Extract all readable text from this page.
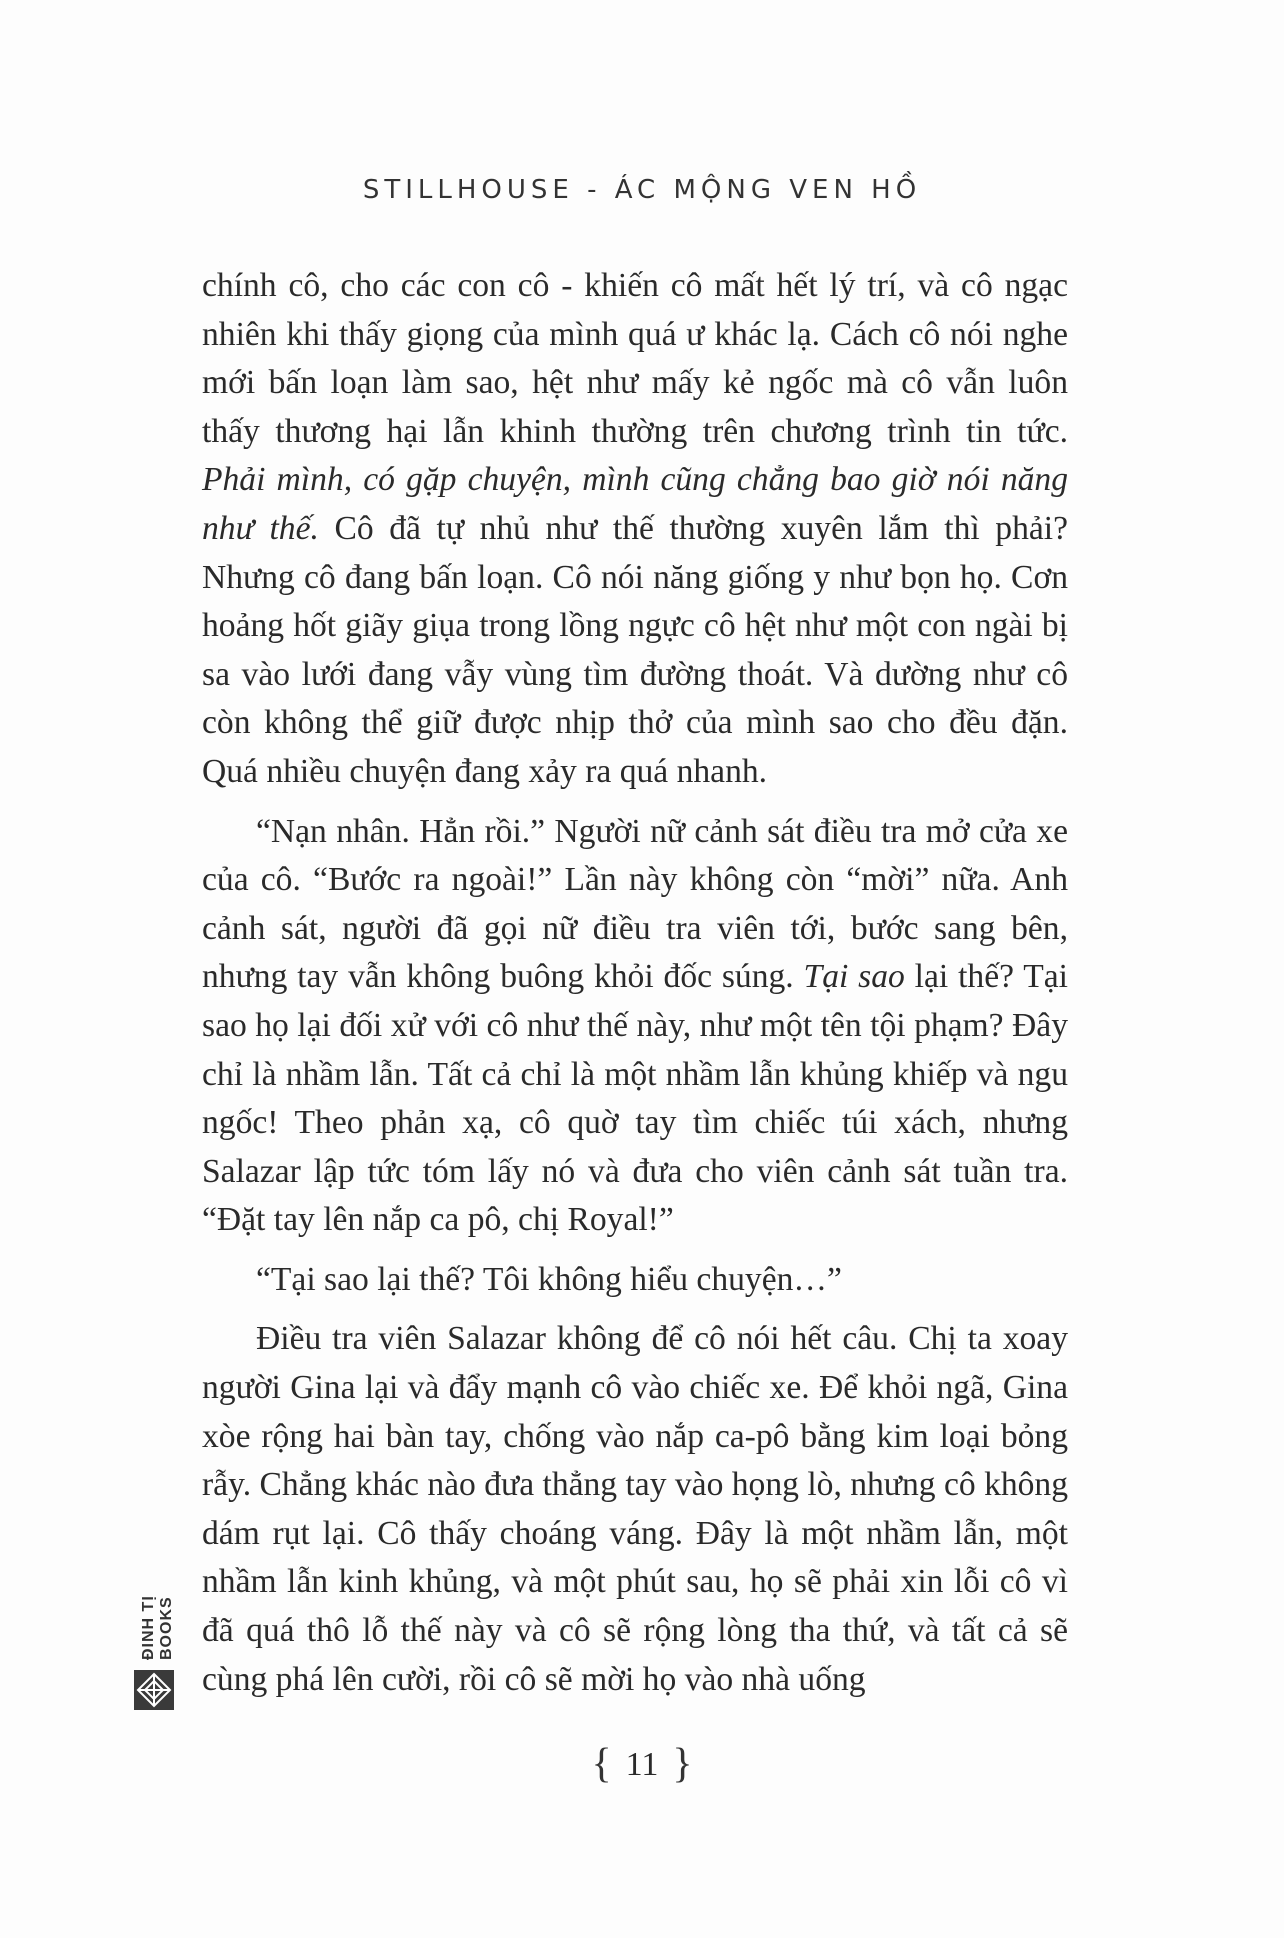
STILLHOUSE - ÁC MỘNG VEN HỒ

chính cô, cho các con cô - khiến cô mất hết lý trí, và cô ngạc nhiên khi thấy giọng của mình quá ư khác lạ. Cách cô nói nghe mới bấn loạn làm sao, hệt như mấy kẻ ngốc mà cô vẫn luôn thấy thương hại lẫn khinh thường trên chương trình tin tức. Phải mình, có gặp chuyện, mình cũng chẳng bao giờ nói năng như thế. Cô đã tự nhủ như thế thường xuyên lắm thì phải? Nhưng cô đang bấn loạn. Cô nói năng giống y như bọn họ. Cơn hoảng hốt giãy giụa trong lồng ngực cô hệt như một con ngài bị sa vào lưới đang vẫy vùng tìm đường thoát. Và dường như cô còn không thể giữ được nhịp thở của mình sao cho đều đặn. Quá nhiều chuyện đang xảy ra quá nhanh.

“Nạn nhân. Hẳn rồi.” Người nữ cảnh sát điều tra mở cửa xe của cô. “Bước ra ngoài!” Lần này không còn “mời” nữa. Anh cảnh sát, người đã gọi nữ điều tra viên tới, bước sang bên, nhưng tay vẫn không buông khỏi đốc súng. Tại sao lại thế? Tại sao họ lại đối xử với cô như thế này, như một tên tội phạm? Đây chỉ là nhầm lẫn. Tất cả chỉ là một nhầm lẫn khủng khiếp và ngu ngốc! Theo phản xạ, cô quờ tay tìm chiếc túi xách, nhưng Salazar lập tức tóm lấy nó và đưa cho viên cảnh sát tuần tra. “Đặt tay lên nắp ca pô, chị Royal!”

“Tại sao lại thế? Tôi không hiểu chuyện…”

Điều tra viên Salazar không để cô nói hết câu. Chị ta xoay người Gina lại và đẩy mạnh cô vào chiếc xe. Để khỏi ngã, Gina xòe rộng hai bàn tay, chống vào nắp ca-pô bằng kim loại bỏng rẫy. Chẳng khác nào đưa thẳng tay vào họng lò, nhưng cô không dám rụt lại. Cô thấy choáng váng. Đây là một nhầm lẫn, một nhầm lẫn kinh khủng, và một phút sau, họ sẽ phải xin lỗi cô vì đã quá thô lỗ thế này và cô sẽ rộng lòng tha thứ, và tất cả sẽ cùng phá lên cười, rồi cô sẽ mời họ vào nhà uống

ĐINH TỊ BOOKS
{ 11 }
